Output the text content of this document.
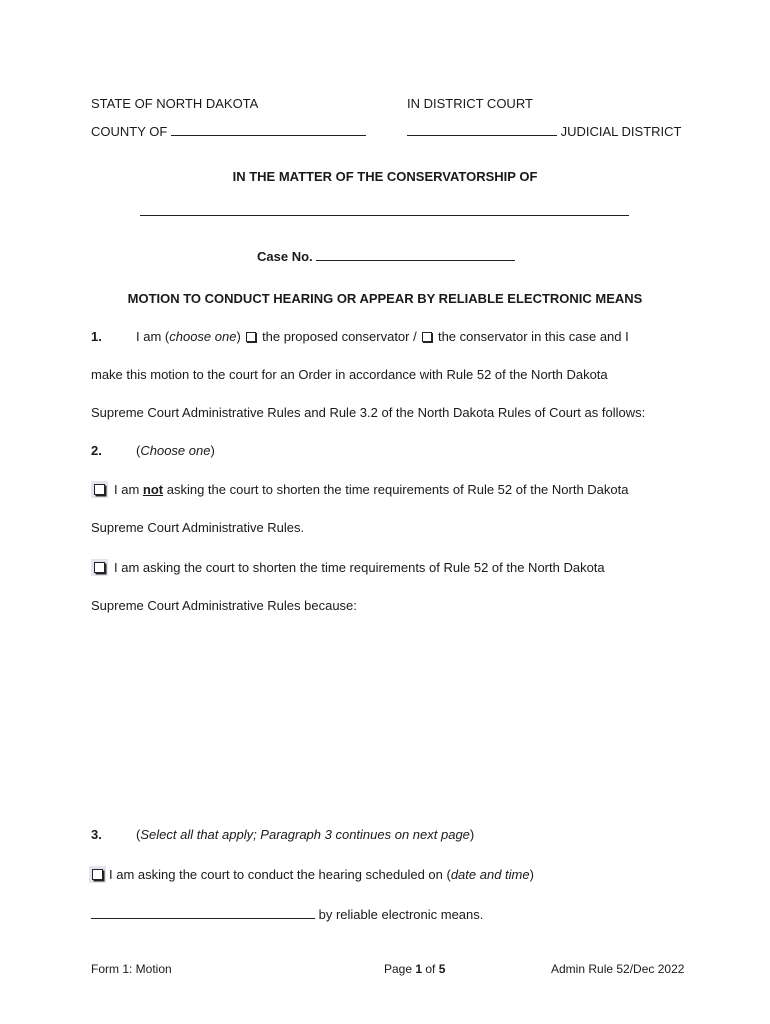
STATE OF NORTH DAKOTA	IN DISTRICT COURT
COUNTY OF	JUDICIAL DISTRICT
IN THE MATTER OF THE CONSERVATORSHIP OF
Case No.
MOTION TO CONDUCT HEARING OR APPEAR BY RELIABLE ELECTRONIC MEANS
1.	I am (choose one) the proposed conservator / the conservator in this case and I
make this motion to the court for an Order in accordance with Rule 52 of the North Dakota
Supreme Court Administrative Rules and Rule 3.2 of the North Dakota Rules of Court as follows:
2.	(Choose one)
I am not asking the court to shorten the time requirements of Rule 52 of the North Dakota
Supreme Court Administrative Rules.
I am asking the court to shorten the time requirements of Rule 52 of the North Dakota
Supreme Court Administrative Rules because:
3.	(Select all that apply; Paragraph 3 continues on next page)
I am asking the court to conduct the hearing scheduled on (date and time)
by reliable electronic means.
Form 1: Motion	Page 1 of 5	Admin Rule 52/Dec 2022
